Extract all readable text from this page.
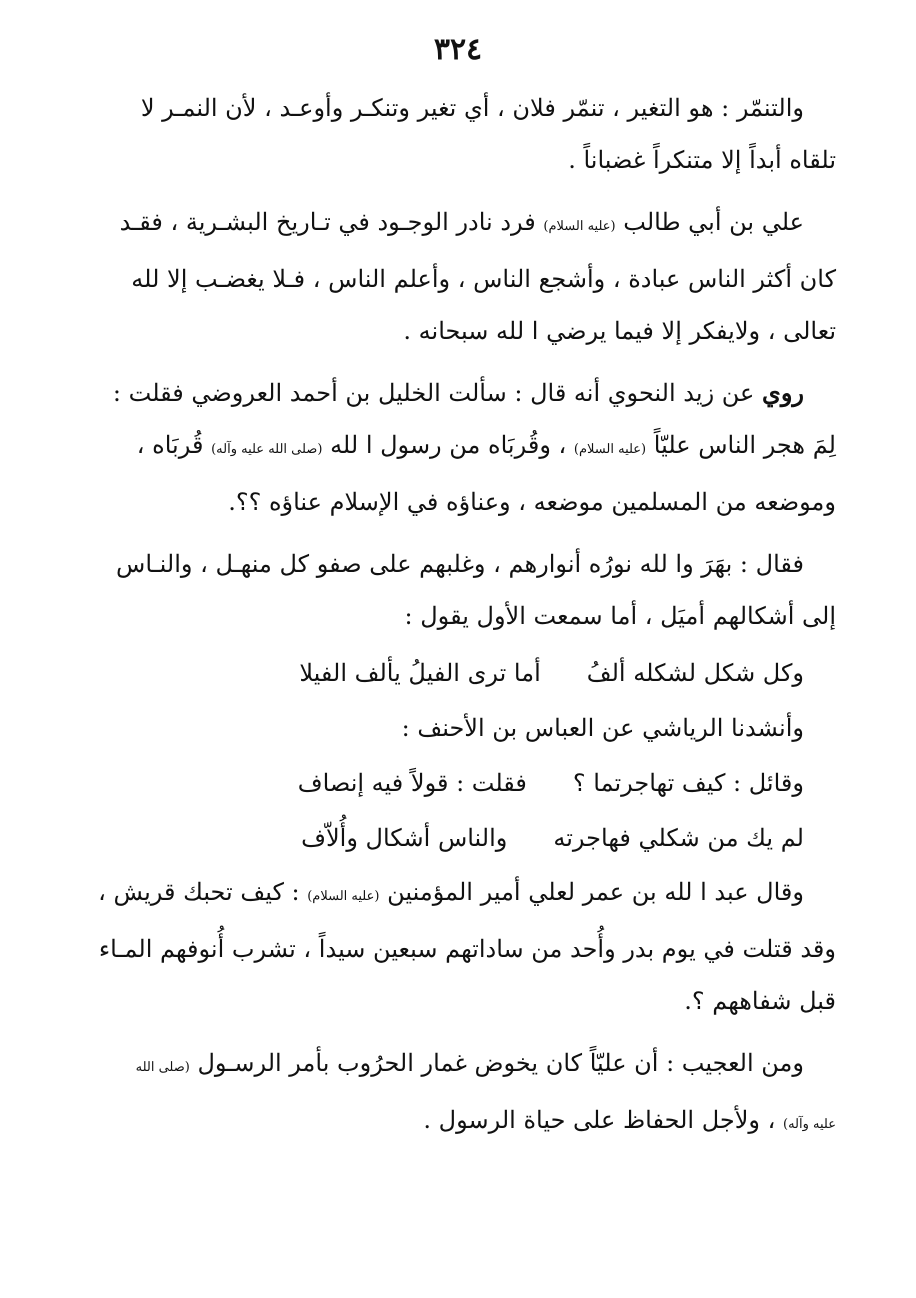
٣٢٤
والتنمّر : هو التغير ، تنمّر فلان ، أي تغير وتنكـر وأوعـد ، لأن النمـر لا
تلقاه أبداً إلا متنكراً غضباناً .
علي بن أبي طالب (عليه السلام) فرد نادر الوجـود في تـاريخ البشـرية ، فقـد
كان أكثر الناس عبادة ، وأشجع الناس ، وأعلم الناس ، فـلا يغضـب إلا لله
تعالى ، ولايفكر إلا فيما يرضي ا لله سبحانه .
روي عن زيد النحوي أنه قال : سألت الخليل بن أحمد العروضي فقلت :
لِمَ هجر الناس عليّاً (عليه السلام) ، وقُربَاه من رسول ا لله (صلى الله عليه وآله) قُربَاه ،
وموضعه من المسلمين موضعه ، وعناؤه في الإسلام عناؤه ؟؟.
فقال : بهَرَ وا لله نورُه أنوارهم ، وغلبهم على صفو كل منهـل ، والنـاس
إلى أشكالهم أميَل ، أما سمعت الأول يقول :
وكل شكل لشكله ألفُأما ترى الفيلُ يألف الفيلا
وأنشدنا الرياشي عن العباس بن الأحنف :
وقائل : كيف تهاجرتما ؟فقلت : قولاً فيه إنصاف
لم يك من شكلي فهاجرتهوالناس أشكال وأُلاّف
وقال عبد ا لله بن عمر لعلي أمير المؤمنين (عليه السلام) : كيف تحبك قريش ،
وقد قتلت في يوم بدر وأُحد من ساداتهم سبعين سيداً ، تشرب أُنوفهم المـاء
قبل شفاههم ؟.
ومن العجيب : أن عليّاً كان يخوض غمار الحرُوب بأمر الرسـول (صلى الله
عليه وآله) ، ولأجل الحفاظ على حياة الرسول .
